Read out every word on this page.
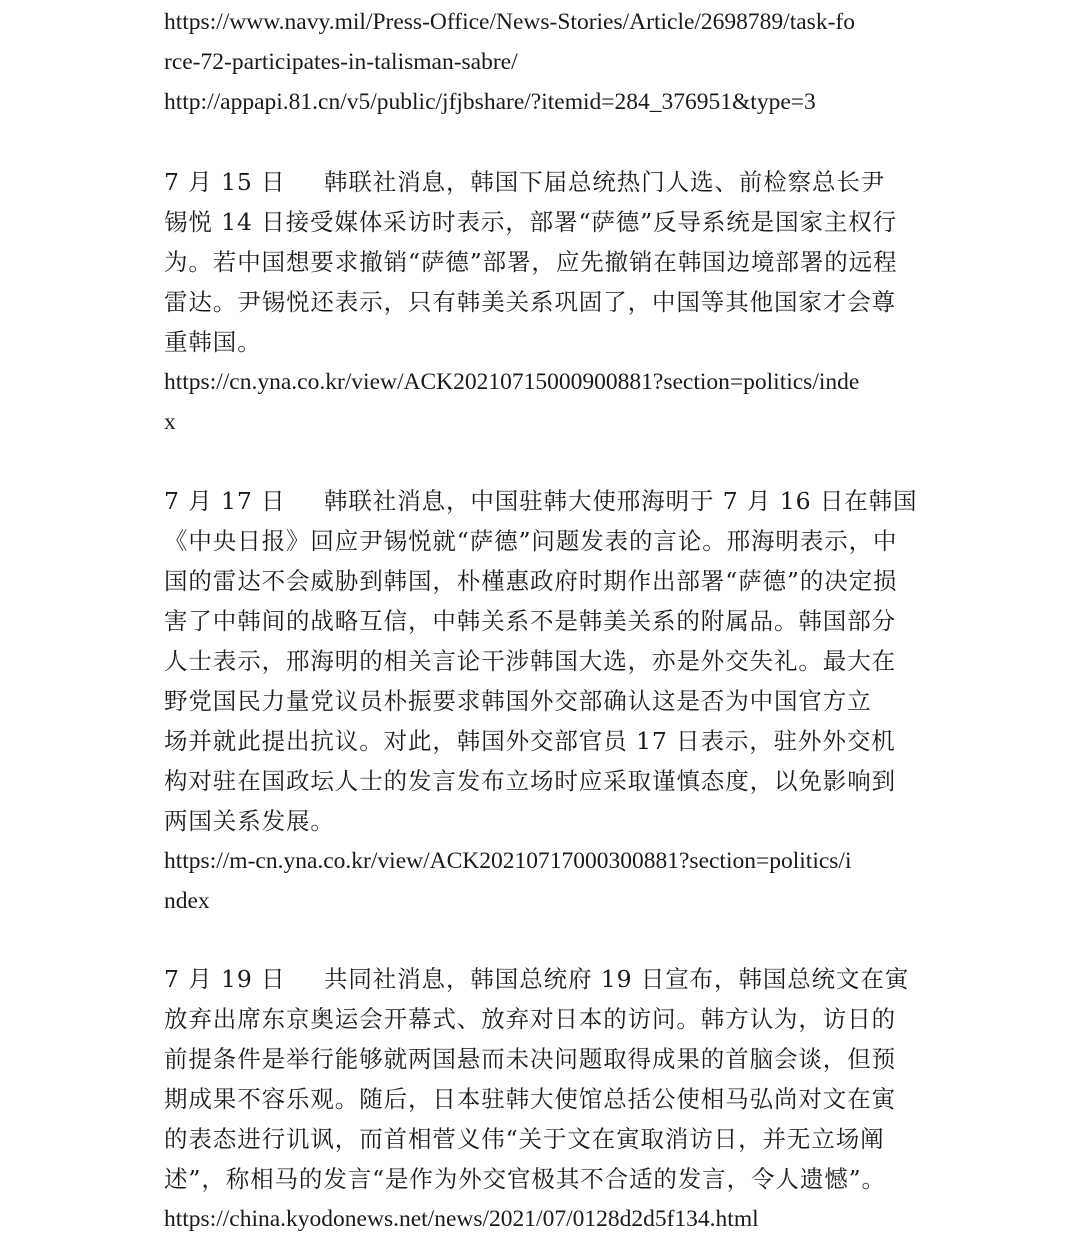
https://www.navy.mil/Press-Office/News-Stories/Article/2698789/task-fo
rce-72-participates-in-talisman-sabre/
http://appapi.81.cn/v5/public/jfjbshare/?itemid=284_376951&type=3
7 月 15 日 韩联社消息，韩国下届总统热门人选、前检察总长尹
锡悦 14 日接受媒体采访时表示，部署“萨德”反导系统是国家主权行
为。若中国想要求撤销“萨德”部署，应先撤销在韩国边境部署的远程
雷达。尹锡悦还表示，只有韩美关系巩固了，中国等其他国家才会尊
重韩国。
https://cn.yna.co.kr/view/ACK20210715000900881?section=politics/inde
x
7 月 17 日 韩联社消息，中国驻韩大使邢海明于 7 月 16 日在韩国
《中央日报》回应尹锡悦就“萨德”问题发表的言论。邢海明表示，中
国的雷达不会威胁到韩国，朴槿惠政府时期作出部署“萨德”的决定损
害了中韩间的战略互信，中韩关系不是韩美关系的附属品。韩国部分
人士表示，邢海明的相关言论干涉韩国大选，亦是外交失礼。最大在
野党国民力量党议员朴振要求韩国外交部确认这是否为中国官方立
场并就此提出抗议。对此，韩国外交部官员 17 日表示，驻外外交机
构对驻在国政坛人士的发言发布立场时应采取谨慎态度，以免影响到
两国关系发展。
https://m-cn.yna.co.kr/view/ACK20210717000300881?section=politics/i
ndex
7 月 19 日 共同社消息，韩国总统府 19 日宣布，韩国总统文在寅
放弃出席东京奥运会开幕式、放弃对日本的访问。韩方认为，访日的
前提条件是举行能够就两国悬而未决问题取得成果的首脑会谈，但预
期成果不容乐观。随后，日本驻韩大使馆总括公使相马弘尚对文在寅
的表态进行讥讽，而首相菅义伟“关于文在寅取消访日，并无立场阐
述”，称相马的发言“是作为外交官极其不合适的发言，令人遗憾”。
https://china.kyodonews.net/news/2021/07/0128d2d5f134.html
